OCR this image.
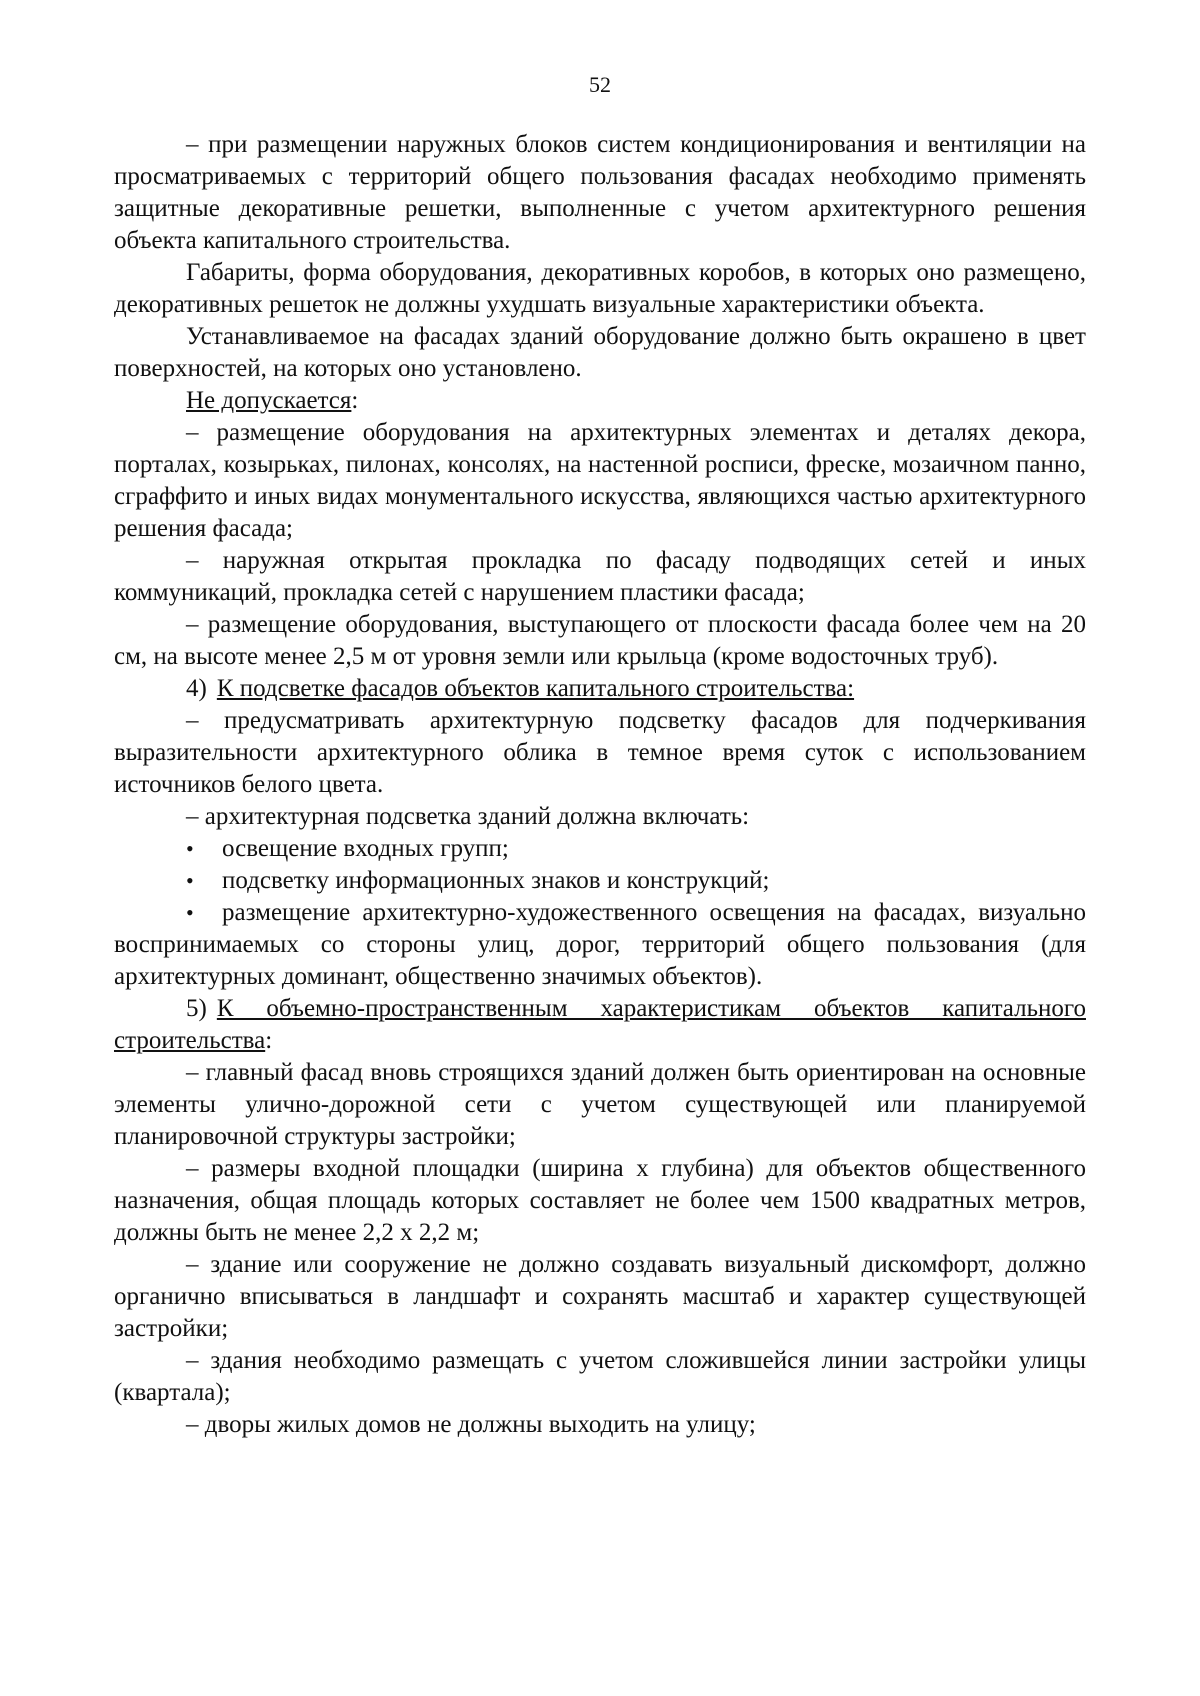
52

– при размещении наружных блоков систем кондиционирования и вентиляции на просматриваемых с территорий общего пользования фасадах необходимо применять защитные декоративные решетки, выполненные с учетом архитектурного решения объекта капитального строительства.

Габариты, форма оборудования, декоративных коробов, в которых оно размещено, декоративных решеток не должны ухудшать визуальные характеристики объекта.

Устанавливаемое на фасадах зданий оборудование должно быть окрашено в цвет поверхностей, на которых оно установлено.

Не допускается:

– размещение оборудования на архитектурных элементах и деталях декора, порталах, козырьках, пилонах, консолях, на настенной росписи, фреске, мозаичном панно, сграффито и иных видах монументального искусства, являющихся частью архитектурного решения фасада;

– наружная открытая прокладка по фасаду подводящих сетей и иных коммуникаций, прокладка сетей с нарушением пластики фасада;

– размещение оборудования, выступающего от плоскости фасада более чем на 20 см, на высоте менее 2,5 м от уровня земли или крыльца (кроме водосточных труб).

4) К подсветке фасадов объектов капитального строительства:

– предусматривать архитектурную подсветку фасадов для подчеркивания выразительности архитектурного облика в темное время суток с использованием источников белого цвета.

– архитектурная подсветка зданий должна включать:

•	освещение входных групп;
•	подсветку информационных знаков и конструкций;

• размещение архитектурно-художественного освещения на фасадах, визуально воспринимаемых со стороны улиц, дорог, территорий общего пользования (для архитектурных доминант, общественно значимых объектов).

5) К объемно-пространственным характеристикам объектов капитального строительства:

– главный фасад вновь строящихся зданий должен быть ориентирован на основные элементы улично-дорожной сети с учетом существующей или планируемой планировочной структуры застройки;

– размеры входной площадки (ширина х глубина) для объектов общественного назначения, общая площадь которых составляет не более чем 1500 квадратных метров, должны быть не менее 2,2 х 2,2 м;

– здание или сооружение не должно создавать визуальный дискомфорт, должно органично вписываться в ландшафт и сохранять масштаб и характер существующей застройки;

– здания необходимо размещать с учетом сложившейся линии застройки улицы (квартала);

– дворы жилых домов не должны выходить на улицу;
